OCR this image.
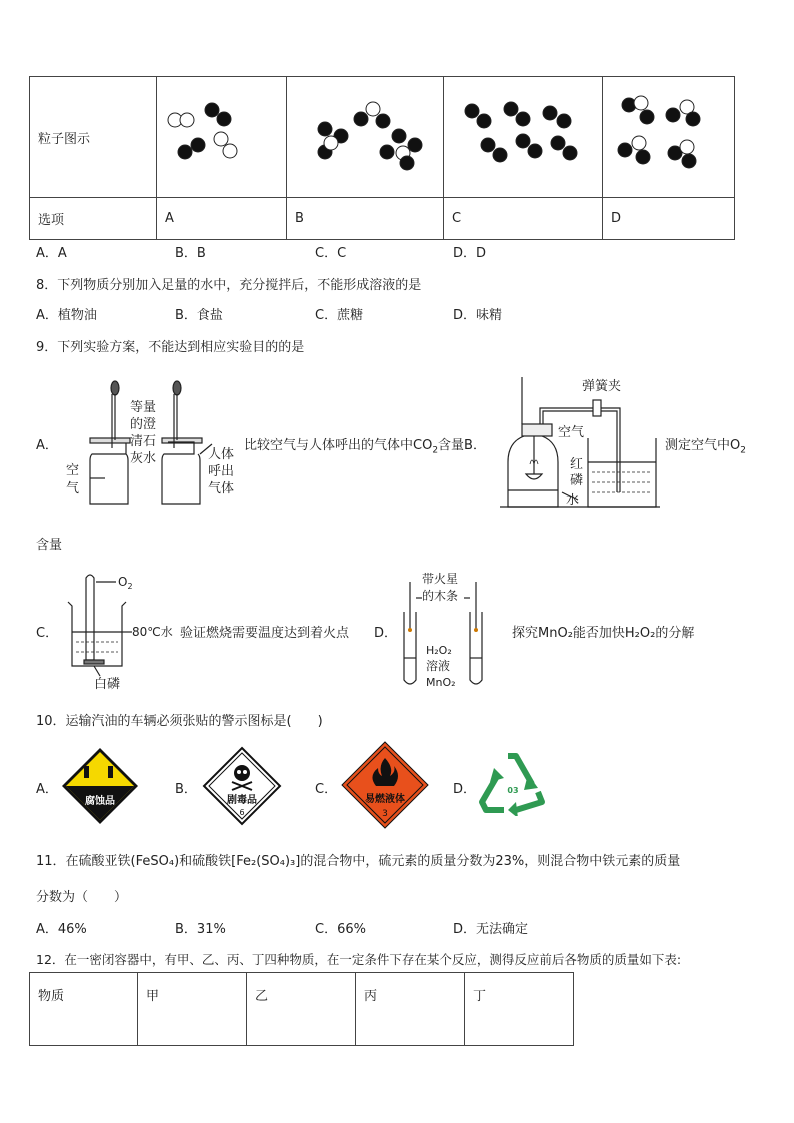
粒子图示				
选项	A	B	C	D
A．A	B．B	C．C	D．D
8．下列物质分别加入足量的水中，充分搅拌后，不能形成溶液的是
A．植物油	B．食盐	C．蔗糖	D．味精
9．下列实验方案，不能达到相应实验目的的是
A．
等量
的澄
清石
灰水
空
气
人体
呼出
气体
比较空气与人体呼出的气体中$CO_2$含量B．
弹簧夹
空气
红
磷
水
测定空气中$O_2$
含量
C．
$O_2$
80℃水
白磷
验证燃烧需要温度达到着火点 D．
带火星
的木条
H₂O₂
溶液
MnO₂
探究MnO₂能否加快H₂O₂的分解
10．运输汽油的车辆必须张贴的警示图标是(　　)
A．
腐蚀品
B．
剧毒品
6
C．
易燃液体
3
D．	03
11．在硫酸亚铁(FeSO₄)和硫酸铁[Fe₂(SO₄)₃]的混合物中，硫元素的质量分数为23%，则混合物中铁元素的质量
分数为（　　）
A．46%	B．31%	C．66%	D．无法确定
12．在一密闭容器中，有甲、乙、丙、丁四种物质，在一定条件下存在某个反应，测得反应前后各物质的质量如下表:
物质	甲	乙	丙	丁
